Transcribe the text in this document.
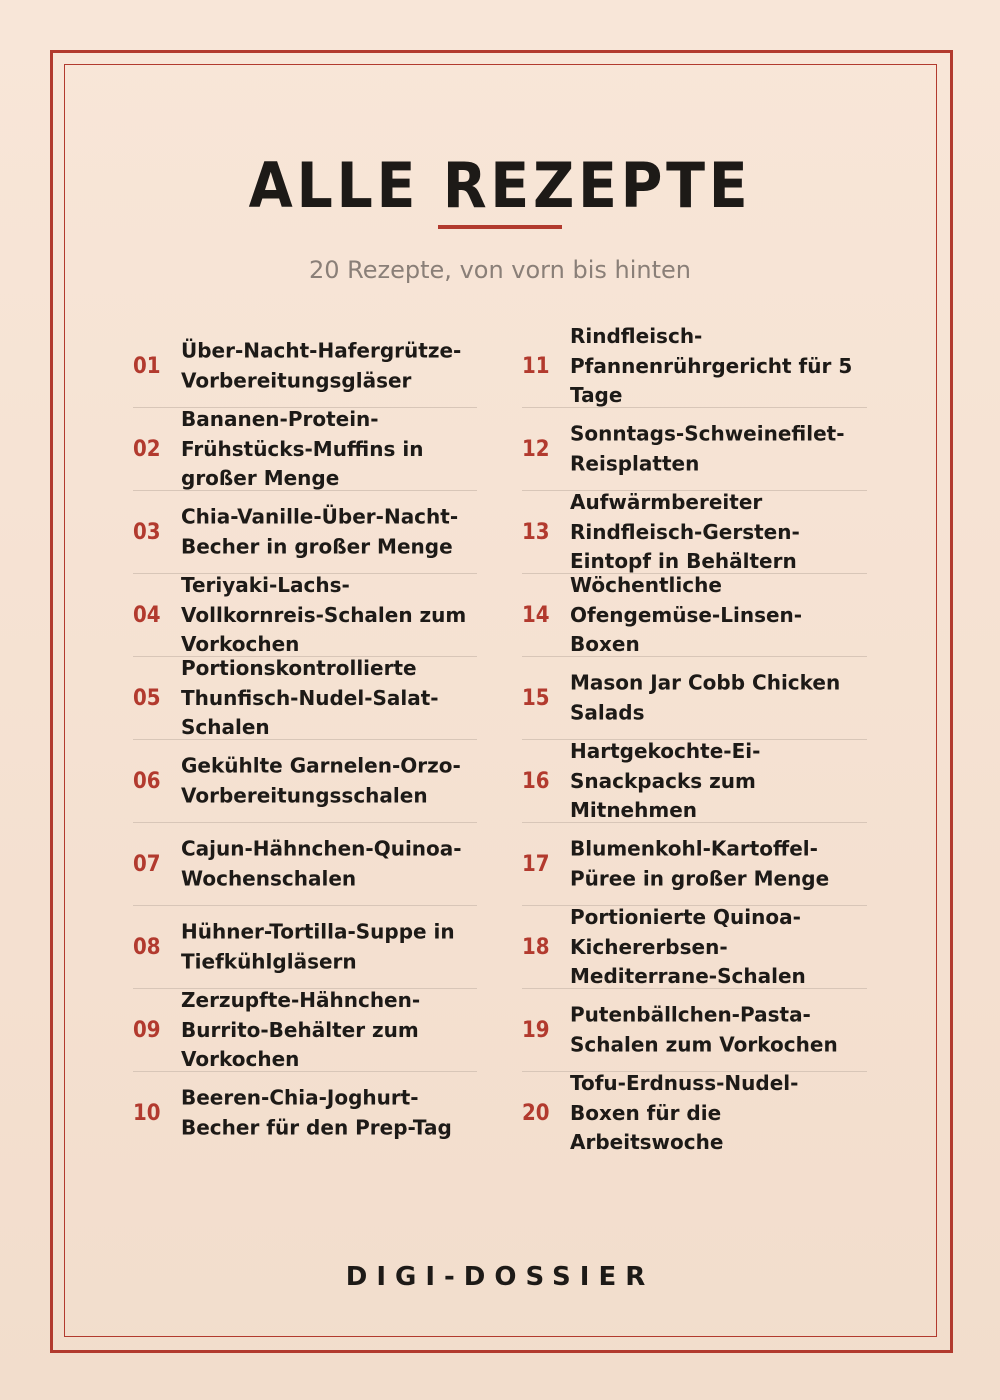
ALLE REZEPTE
20 Rezepte, von vorn bis hinten
01
Über-Nacht-Hafergrütze-Vorbereitungsgläser
02
Bananen-Protein-Frühstücks-Muffins in großer Menge
03
Chia-Vanille-Über-Nacht-Becher in großer Menge
04
Teriyaki-Lachs-Vollkornreis-Schalen zum Vorkochen
05
Portionskontrollierte Thunfisch-Nudel-Salat-Schalen
06
Gekühlte Garnelen-Orzo-Vorbereitungsschalen
07
Cajun-Hähnchen-Quinoa-Wochenschalen
08
Hühner-Tortilla-Suppe in Tiefkühlgläsern
09
Zerzupfte-Hähnchen-Burrito-Behälter zum Vorkochen
10
Beeren-Chia-Joghurt-Becher für den Prep-Tag
11
Rindfleisch-Pfannenrührgericht für 5 Tage
12
Sonntags-Schweinefilet-Reisplatten
13
Aufwärmbereiter Rindfleisch-Gersten-Eintopf in Behältern
14
Wöchentliche Ofengemüse-Linsen-Boxen
15
Mason Jar Cobb Chicken Salads
16
Hartgekochte-Ei-Snackpacks zum Mitnehmen
17
Blumenkohl-Kartoffel-Püree in großer Menge
18
Portionierte Quinoa-Kichererbsen-Mediterrane-Schalen
19
Putenbällchen-Pasta-Schalen zum Vorkochen
20
Tofu-Erdnuss-Nudel-Boxen für die Arbeitswoche
DIGI-DOSSIER
